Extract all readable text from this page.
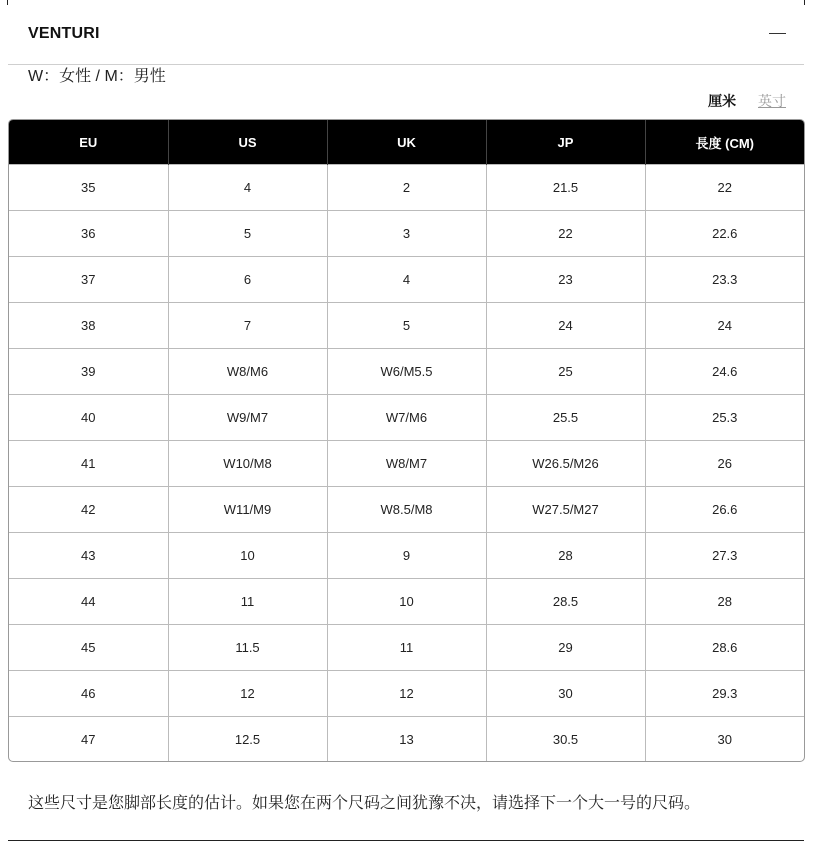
VENTURI
W：女性 / M：男性
厘米 英寸
EU	US	UK	JP	長度 (CM)
35	4	2	21.5	22
36	5	3	22	22.6
37	6	4	23	23.3
38	7	5	24	24
39	W8/M6	W6/M5.5	25	24.6
40	W9/M7	W7/M6	25.5	25.3
41	W10/M8	W8/M7	W26.5/M26	26
42	W11/M9	W8.5/M8	W27.5/M27	26.6
43	10	9	28	27.3
44	11	10	28.5	28
45	11.5	11	29	28.6
46	12	12	30	29.3
47	12.5	13	30.5	30
这些尺寸是您脚部长度的估计。如果您在两个尺码之间犹豫不决，请选择下一个大一号的尺码。
